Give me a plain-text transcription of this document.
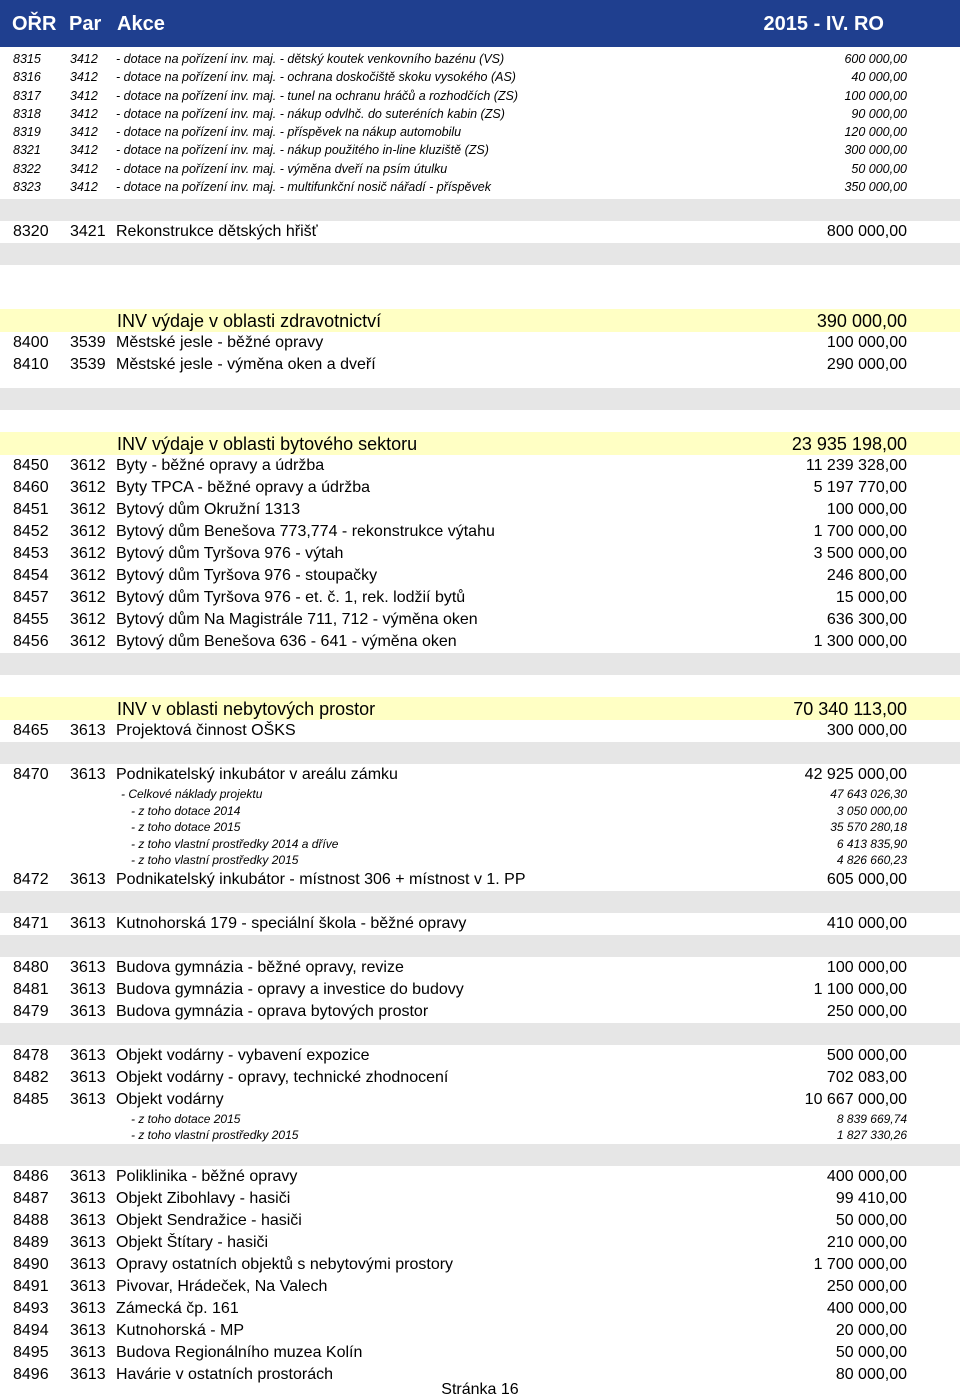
OŘR Par Akce	2015 - IV. RO
8315 3412 - dotace na pořízení inv. maj. - dětský koutek venkovního bazénu (VS)	600 000,00
8316 3412 - dotace na pořízení inv. maj. - ochrana doskočiště skoku vysokého (AS)	40 000,00
8317 3412 - dotace na pořízení inv. maj. - tunel na ochranu hráčů a rozhodčích (ZS)	100 000,00
8318 3412 - dotace na pořízení inv. maj. - nákup odvlhč. do suteréních kabin (ZS)	90 000,00
8319 3412 - dotace na pořízení inv. maj. - příspěvek na nákup automobilu	120 000,00
8321 3412 - dotace na pořízení inv. maj. - nákup použitého in-line kluziště (ZS)	300 000,00
8322 3412 - dotace na pořízení inv. maj. - výměna dveří na psím útulku	50 000,00
8323 3412 - dotace na pořízení inv. maj. - multifunkční nosič nářadí - příspěvek	350 000,00
8320 3421 Rekonstrukce dětských hřišť	800 000,00
INV výdaje v oblasti zdravotnictví	390 000,00
8400 3539 Městské jesle - běžné opravy	100 000,00
8410 3539 Městské jesle - výměna oken a dveří	290 000,00
INV výdaje v oblasti bytového sektoru	23 935 198,00
8450 3612 Byty - běžné opravy a údržba	11 239 328,00
8460 3612 Byty TPCA - běžné opravy a údržba	5 197 770,00
8451 3612 Bytový dům Okružní 1313	100 000,00
8452 3612 Bytový dům Benešova 773,774 - rekonstrukce výtahu	1 700 000,00
8453 3612 Bytový dům Tyršova 976 - výtah	3 500 000,00
8454 3612 Bytový dům Tyršova 976 - stoupačky	246 800,00
8457 3612 Bytový dům Tyršova 976 - et. č. 1, rek. lodžií bytů	15 000,00
8455 3612 Bytový dům Na Magistrále 711, 712 - výměna oken	636 300,00
8456 3612 Bytový dům Benešova 636 - 641 - výměna oken	1 300 000,00
INV v oblasti nebytových prostor	70 340 113,00
8465 3613 Projektová činnost OŠKS	300 000,00
8470 3613 Podnikatelský inkubátor v areálu zámku	42 925 000,00
- Celkové náklady projektu	47 643 026,30
- z toho dotace 2014	3 050 000,00
- z toho dotace 2015	35 570 280,18
- z toho vlastní prostředky 2014 a dříve	6 413 835,90
- z toho vlastní prostředky 2015	4 826 660,23
8472 3613 Podnikatelský inkubátor - místnost 306 + místnost v 1. PP	605 000,00
8471 3613 Kutnohorská 179 - speciální škola - běžné opravy	410 000,00
8480 3613 Budova gymnázia - běžné opravy, revize	100 000,00
8481 3613 Budova gymnázia - opravy a investice do budovy	1 100 000,00
8479 3613 Budova gymnázia - oprava bytových prostor	250 000,00
8478 3613 Objekt vodárny - vybavení expozice	500 000,00
8482 3613 Objekt vodárny - opravy, technické zhodnocení	702 083,00
8485 3613 Objekt vodárny	10 667 000,00
- z toho dotace 2015	8 839 669,74
- z toho vlastní prostředky 2015	1 827 330,26
8486 3613 Poliklinika - běžné opravy	400 000,00
8487 3613 Objekt Zibohlavy - hasiči	99 410,00
8488 3613 Objekt Sendražice - hasiči	50 000,00
8489 3613 Objekt Štítary - hasiči	210 000,00
8490 3613 Opravy ostatních objektů s nebytovými prostory	1 700 000,00
8491 3613 Pivovar, Hrádeček, Na Valech	250 000,00
8493 3613 Zámecká čp. 161	400 000,00
8494 3613 Kutnohorská - MP	20 000,00
8495 3613 Budova Regionálního muzea Kolín	50 000,00
8496 3613 Havárie v ostatních prostorách	80 000,00
Stránka 16
